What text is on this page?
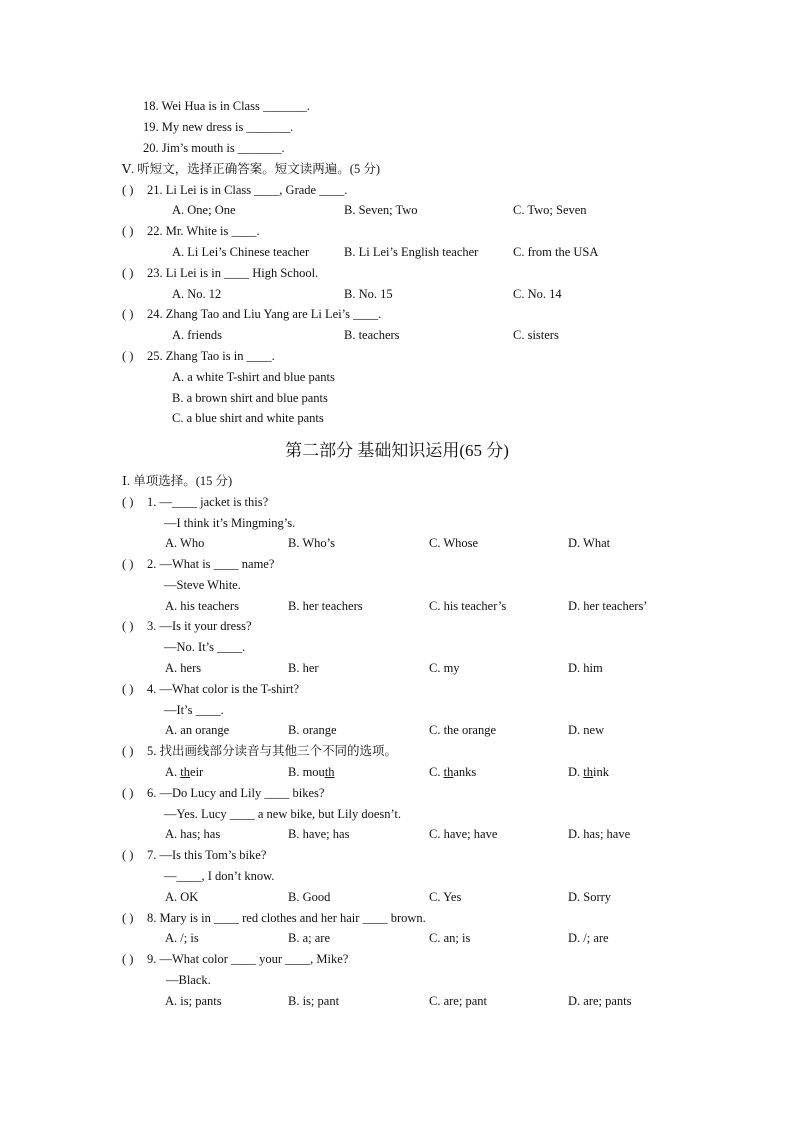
18. Wei Hua is in Class _______.
19. My new dress is _______.
20. Jim’s mouth is _______.
Ⅴ. 听短文，选择正确答案。短文读两遍。(5 分)
( ) 21. Li Lei is in Class ____, Grade ____.
A. One; One	B. Seven; Two	C. Two; Seven
( ) 22. Mr. White is ____.
A. Li Lei’s Chinese teacher	B. Li Lei’s English teacher	C. from the USA
( ) 23. Li Lei is in ____ High School.
A. No. 12	B. No. 15	C. No. 14
( ) 24. Zhang Tao and Liu Yang are Li Lei’s ____.
A. friends	B. teachers	C. sisters
( ) 25. Zhang Tao is in ____.
A. a white T-shirt and blue pants
B. a brown shirt and blue pants
C. a blue shirt and white pants
第二部分 基础知识运用(65 分)
Ⅰ. 单项选择。(15 分)
( ) 1. —____ jacket is this?
—I think it’s Mingming’s.
A. Who	B. Who’s	C. Whose	D. What
( ) 2. —What is ____ name?
—Steve White.
A. his teachers	B. her teachers	C. his teacher’s	D. her teachers’
( ) 3. —Is it your dress?
—No. It’s ____.
A. hers	B. her	C. my	D. him
( ) 4. —What color is the T-shirt?
—It’s ____.
A. an orange	B. orange	C. the orange	D. new
( ) 5. 找出画线部分读音与其他三个不同的选项。
A. their	B. mouth	C. thanks	D. think
( ) 6. —Do Lucy and Lily ____ bikes?
—Yes. Lucy ____ a new bike, but Lily doesn’t.
A. has; has	B. have; has	C. have; have	D. has; have
( ) 7. —Is this Tom’s bike?
—____, I don’t know.
A. OK	B. Good	C. Yes	D. Sorry
( ) 8. Mary is in ____ red clothes and her hair ____ brown.
A. /; is	B. a; are	C. an; is	D. /; are
( ) 9. —What color ____ your ____, Mike?
—Black.
A. is; pants	B. is; pant	C. are; pant	D. are; pants
